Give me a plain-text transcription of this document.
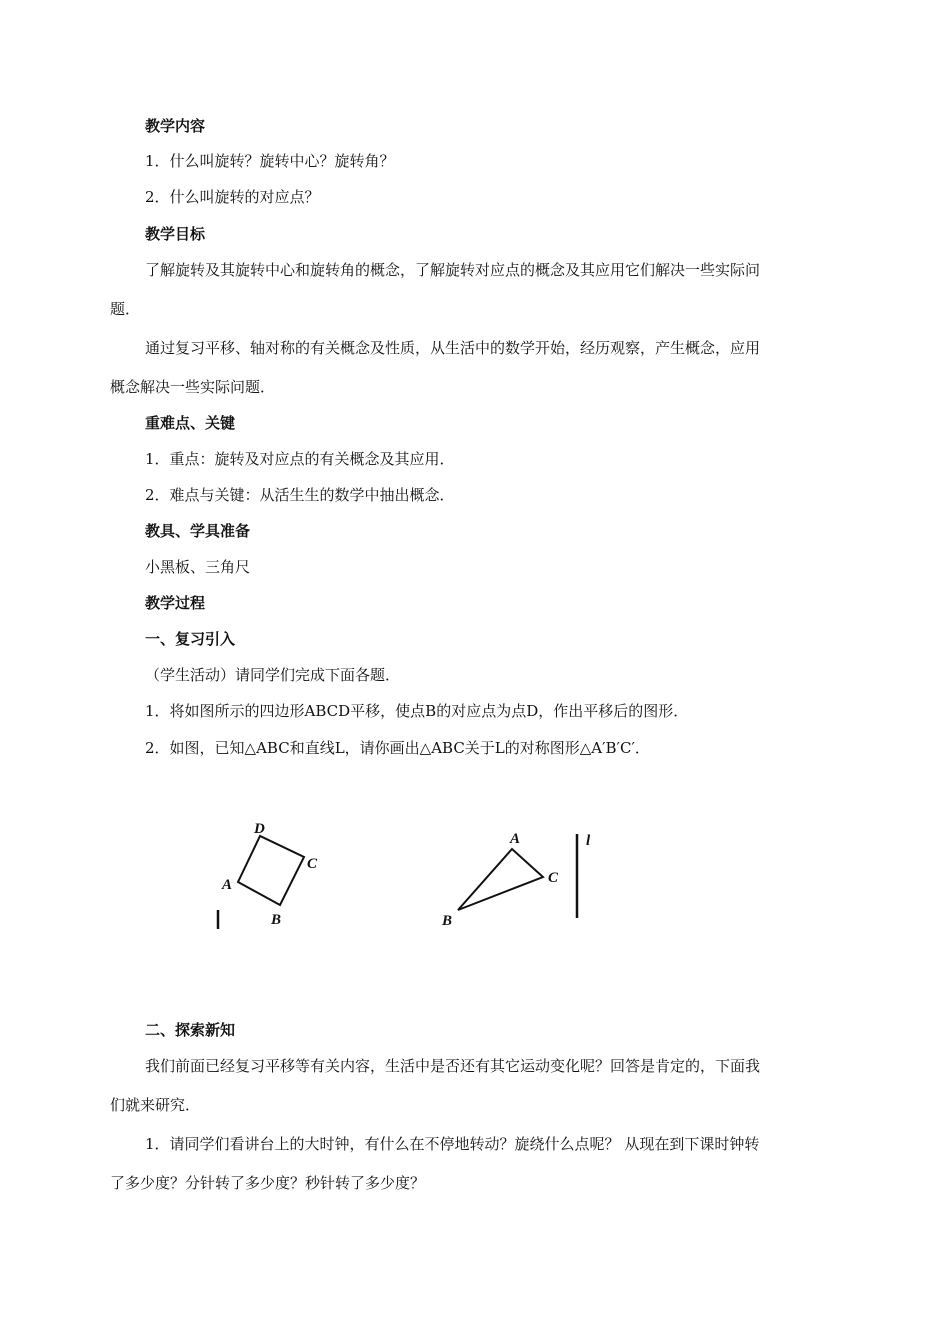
教学内容
1．什么叫旋转？旋转中心？旋转角？
2．什么叫旋转的对应点？
教学目标
了解旋转及其旋转中心和旋转角的概念，了解旋转对应点的概念及其应用它们解决一些实际问
题．
通过复习平移、轴对称的有关概念及性质，从生活中的数学开始，经历观察，产生概念，应用
概念解决一些实际问题．
重难点、关键
1．重点：旋转及对应点的有关概念及其应用．
2．难点与关键：从活生生的数学中抽出概念．
教具、学具准备
小黑板、三角尺
教学过程
一、复习引入
（学生活动）请同学们完成下面各题．
1．将如图所示的四边形ABCD平移，使点B的对应点为点D，作出平移后的图形．
2．如图，已知△ABC和直线L，请你画出△ABC关于L的对称图形△A′B′C′．
D
C
A
B
A
C
B
l
二、探索新知
我们前面已经复习平移等有关内容，生活中是否还有其它运动变化呢？回答是肯定的，下面我
们就来研究．
1．请同学们看讲台上的大时钟，有什么在不停地转动？旋绕什么点呢？ 从现在到下课时钟转
了多少度？分针转了多少度？秒针转了多少度？
